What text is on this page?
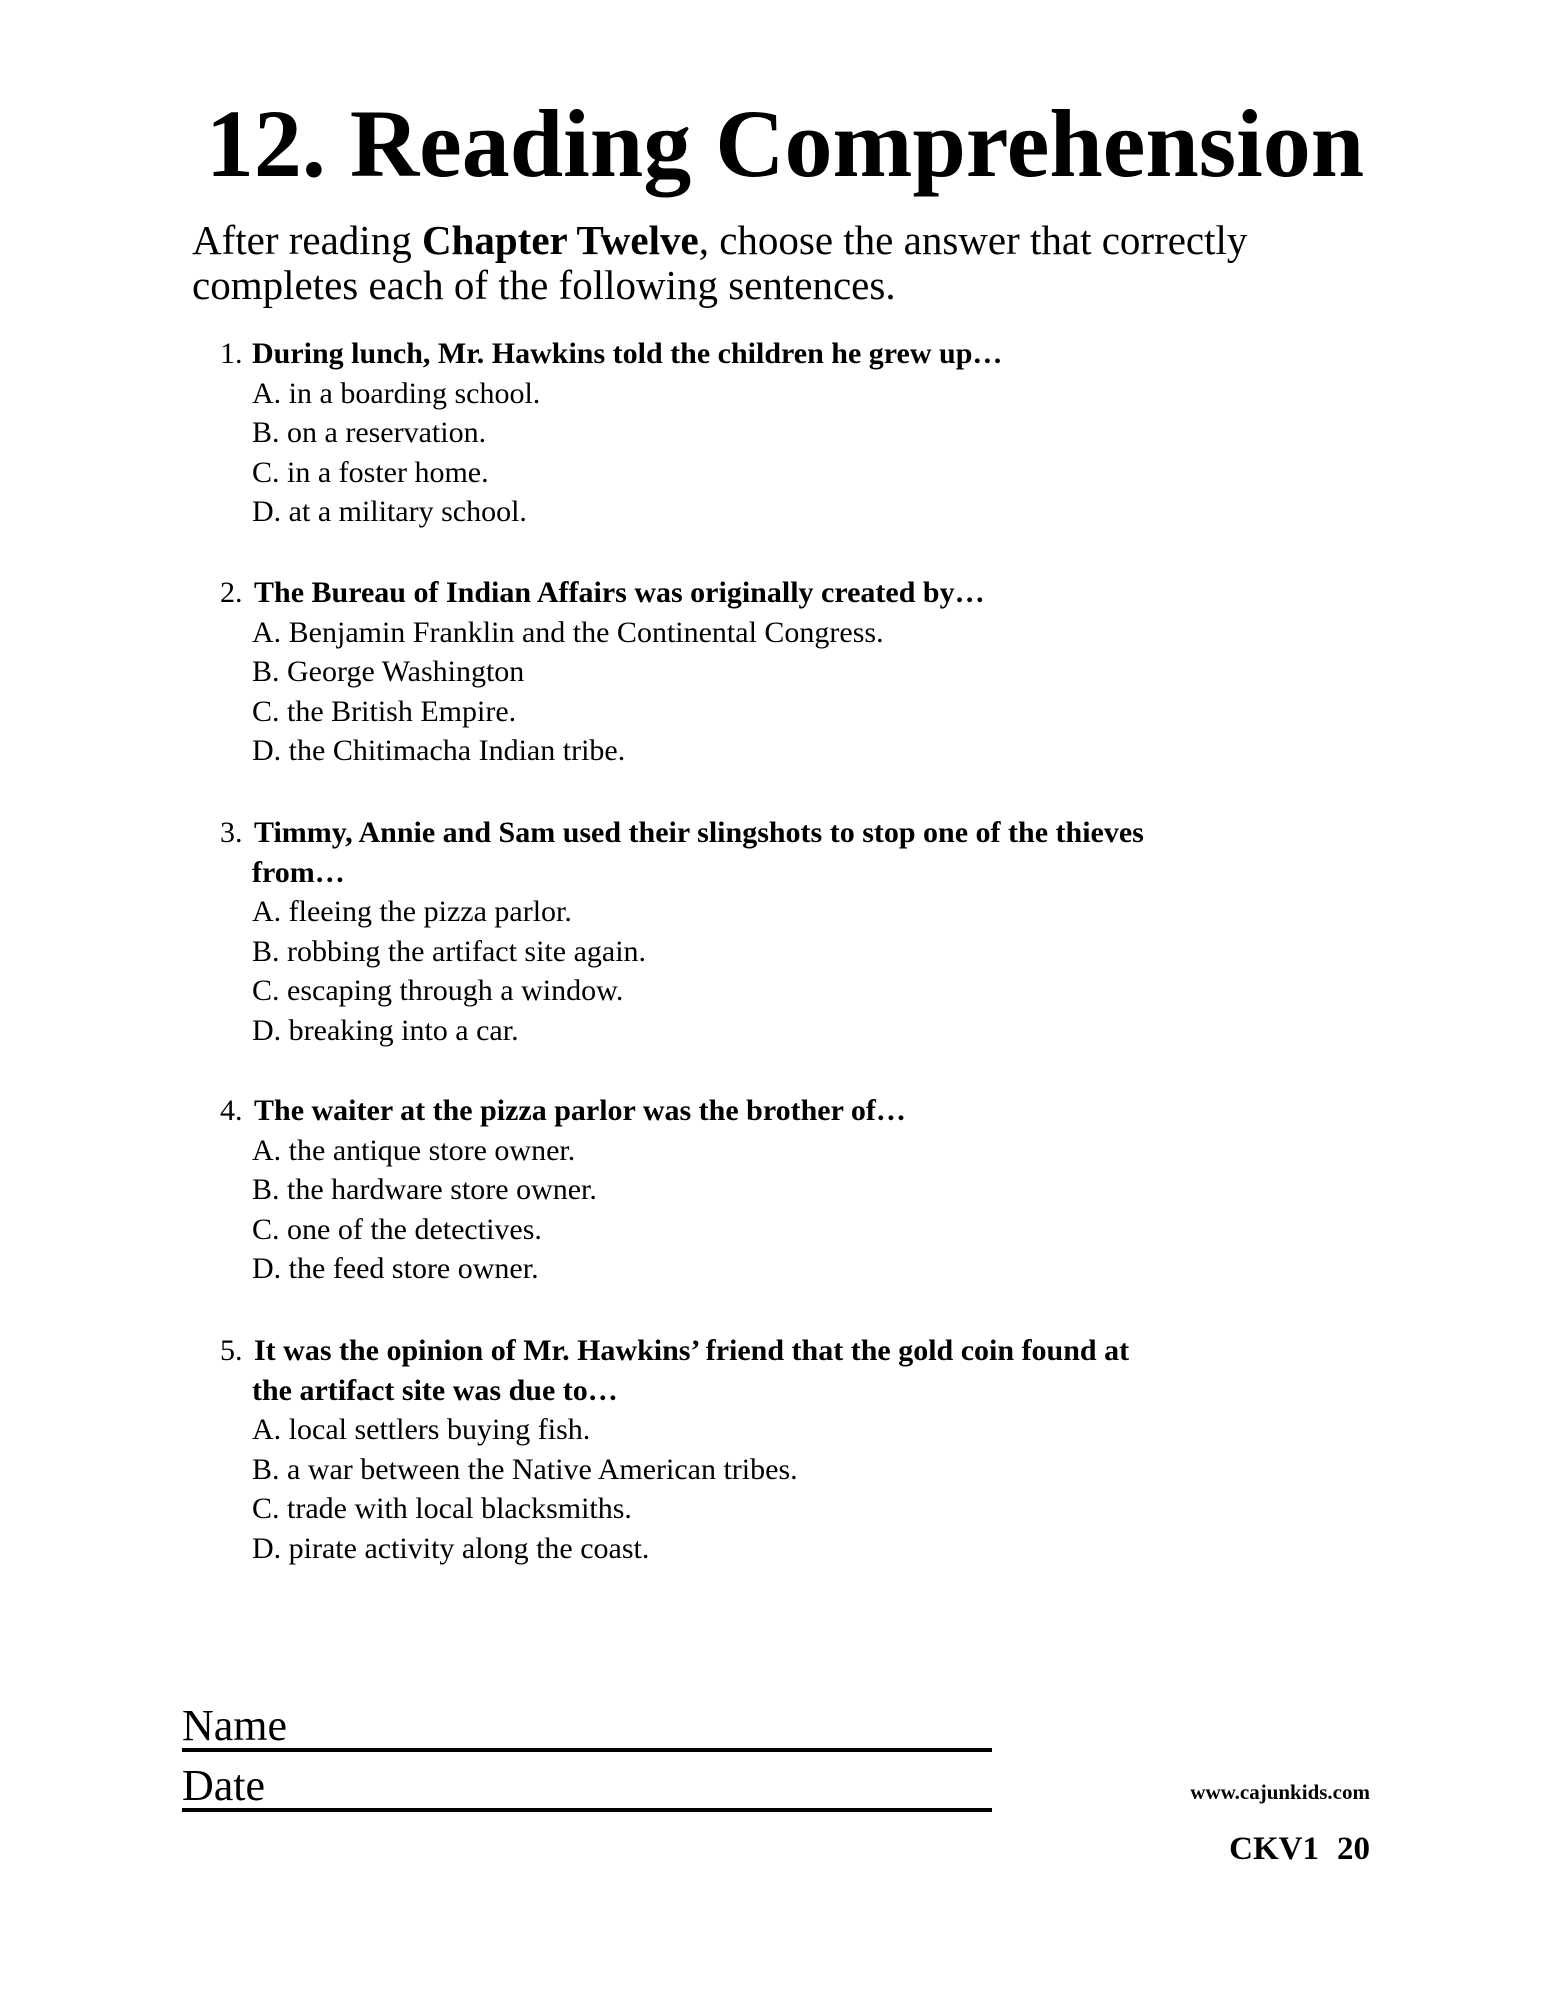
12. Reading Comprehension

After reading Chapter Twelve, choose the answer that correctly completes each of the following sentences.

1. During lunch, Mr. Hawkins told the children he grew up…
A. in a boarding school.
B. on a reservation.
C. in a foster home.
D. at a military school.
2. The Bureau of Indian Affairs was originally created by…
A. Benjamin Franklin and the Continental Congress.
B. George Washington
C. the British Empire.
D. the Chitimacha Indian tribe.
3. Timmy, Annie and Sam used their slingshots to stop one of the thieves
from…
A. fleeing the pizza parlor.
B. robbing the artifact site again.
C. escaping through a window.
D. breaking into a car.
4. The waiter at the pizza parlor was the brother of…
A. the antique store owner.
B. the hardware store owner.
C. one of the detectives.
D. the feed store owner.
5. It was the opinion of Mr. Hawkins’ friend that the gold coin found at
the artifact site was due to…
A. local settlers buying fish.
B. a war between the Native American tribes.
C. trade with local blacksmiths.
D. pirate activity along the coast.
Name
Date	www.cajunkids.com
CKV1 20
